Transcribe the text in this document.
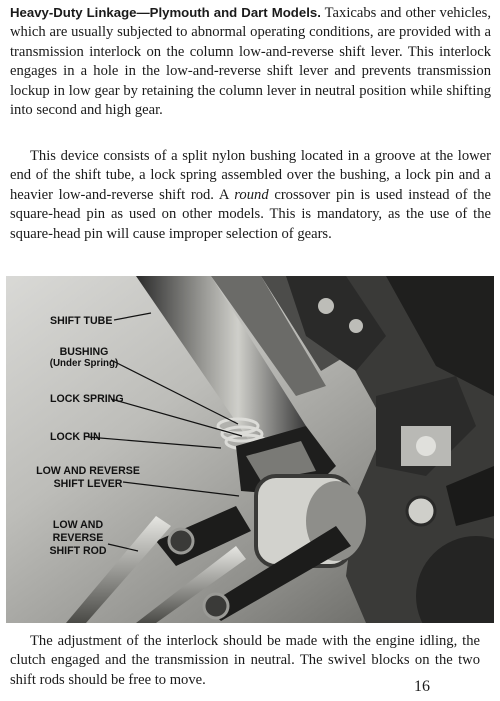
Heavy-Duty Linkage—Plymouth and Dart Models. Taxicabs and other vehicles, which are usually subjected to abnormal operating conditions, are provided with a transmission interlock on the column low-and-reverse shift lever. This interlock engages in a hole in the low-and-reverse shift lever and prevents transmission lockup in low gear by retaining the column lever in neutral position while shifting into second and high gear.

This device consists of a split nylon bushing located in a groove at the lower end of the shift tube, a lock spring assembled over the bushing, a lock pin and a heavier low-and-reverse shift rod. A round crossover pin is used instead of the square-head pin as used on other models. This is mandatory, as the use of the square-head pin will cause improper selection of gears.

SHIFT TUBE
BUSHING
(Under Spring)
LOCK SPRING
LOCK PIN
LOW AND REVERSE
SHIFT LEVER
LOW AND
REVERSE
SHIFT ROD

The adjustment of the interlock should be made with the engine idling, the clutch engaged and the transmission in neutral. The swivel blocks on the two shift rods should be free to move.	16
